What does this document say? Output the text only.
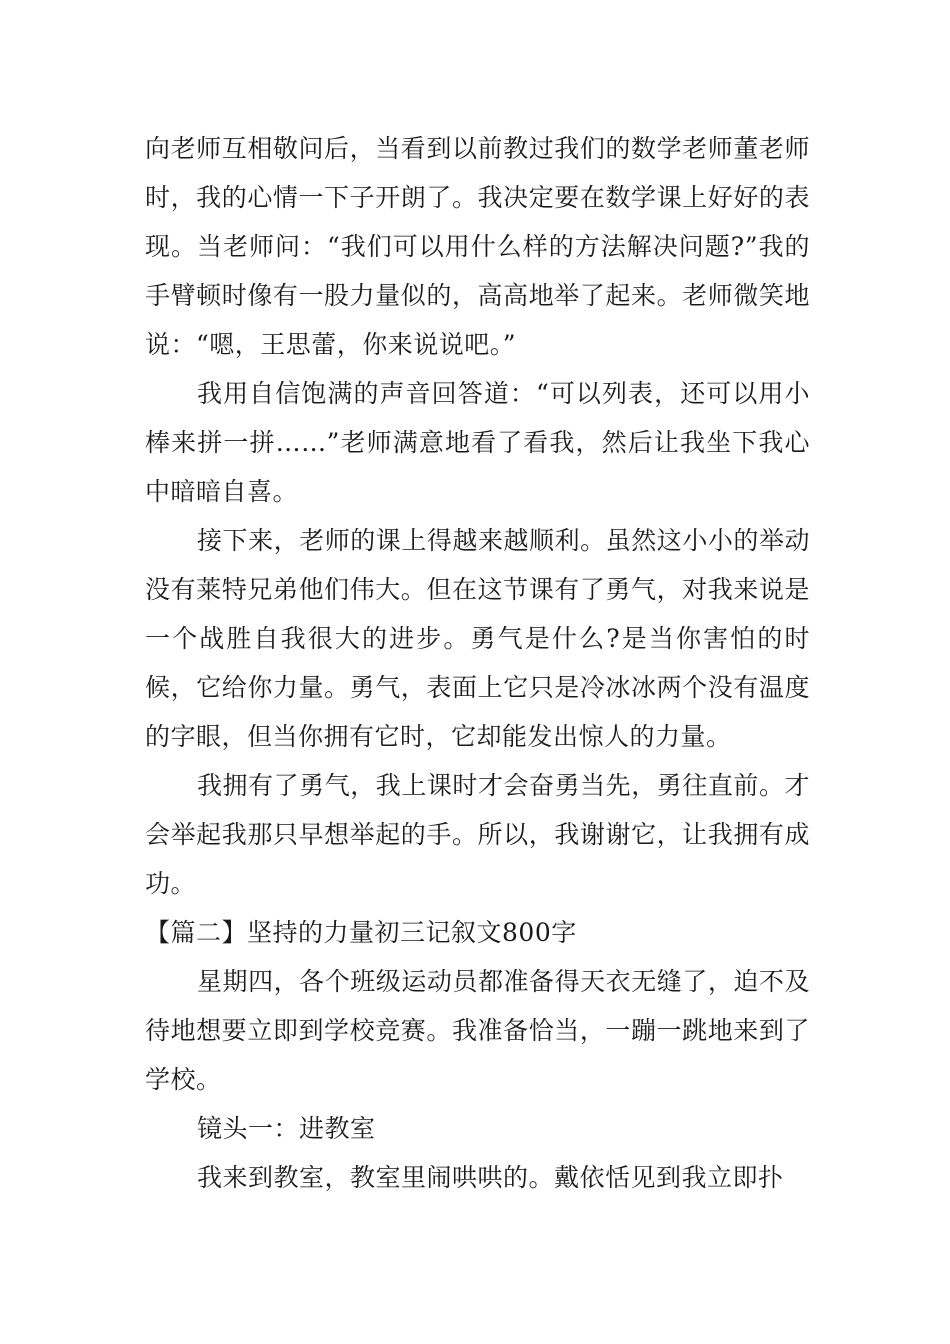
向老师互相敬问后，当看到以前教过我们的数学老师董老师时，我的心情一下子开朗了。我决定要在数学课上好好的表现。当老师问：“我们可以用什么样的方法解决问题?”我的手臂顿时像有一股力量似的，高高地举了起来。老师微笑地说：“嗯，王思蕾，你来说说吧。”

我用自信饱满的声音回答道：“可以列表，还可以用小棒来拼一拼……”老师满意地看了看我，然后让我坐下我心中暗暗自喜。

接下来，老师的课上得越来越顺利。虽然这小小的举动没有莱特兄弟他们伟大。但在这节课有了勇气，对我来说是一个战胜自我很大的进步。勇气是什么?是当你害怕的时候，它给你力量。勇气，表面上它只是冷冰冰两个没有温度的字眼，但当你拥有它时，它却能发出惊人的力量。

我拥有了勇气，我上课时才会奋勇当先，勇往直前。才会举起我那只早想举起的手。所以，我谢谢它，让我拥有成功。

【篇二】坚持的力量初三记叙文800字

星期四，各个班级运动员都准备得天衣无缝了，迫不及待地想要立即到学校竞赛。我准备恰当，一蹦一跳地来到了学校。

镜头一：进教室

我来到教室，教室里闹哄哄的。戴依恬见到我立即扑
